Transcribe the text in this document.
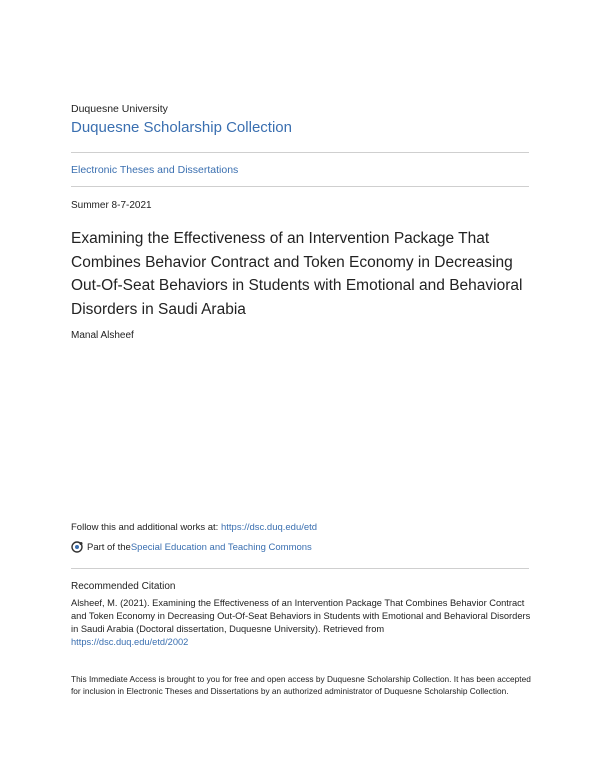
Duquesne University
Duquesne Scholarship Collection
Electronic Theses and Dissertations
Summer 8-7-2021
Examining the Effectiveness of an Intervention Package That Combines Behavior Contract and Token Economy in Decreasing Out-Of-Seat Behaviors in Students with Emotional and Behavioral Disorders in Saudi Arabia
Manal Alsheef
Follow this and additional works at: https://dsc.duq.edu/etd
Part of the Special Education and Teaching Commons
Recommended Citation
Alsheef, M. (2021). Examining the Effectiveness of an Intervention Package That Combines Behavior Contract and Token Economy in Decreasing Out-Of-Seat Behaviors in Students with Emotional and Behavioral Disorders in Saudi Arabia (Doctoral dissertation, Duquesne University). Retrieved from
https://dsc.duq.edu/etd/2002
This Immediate Access is brought to you for free and open access by Duquesne Scholarship Collection. It has been accepted for inclusion in Electronic Theses and Dissertations by an authorized administrator of Duquesne Scholarship Collection.
